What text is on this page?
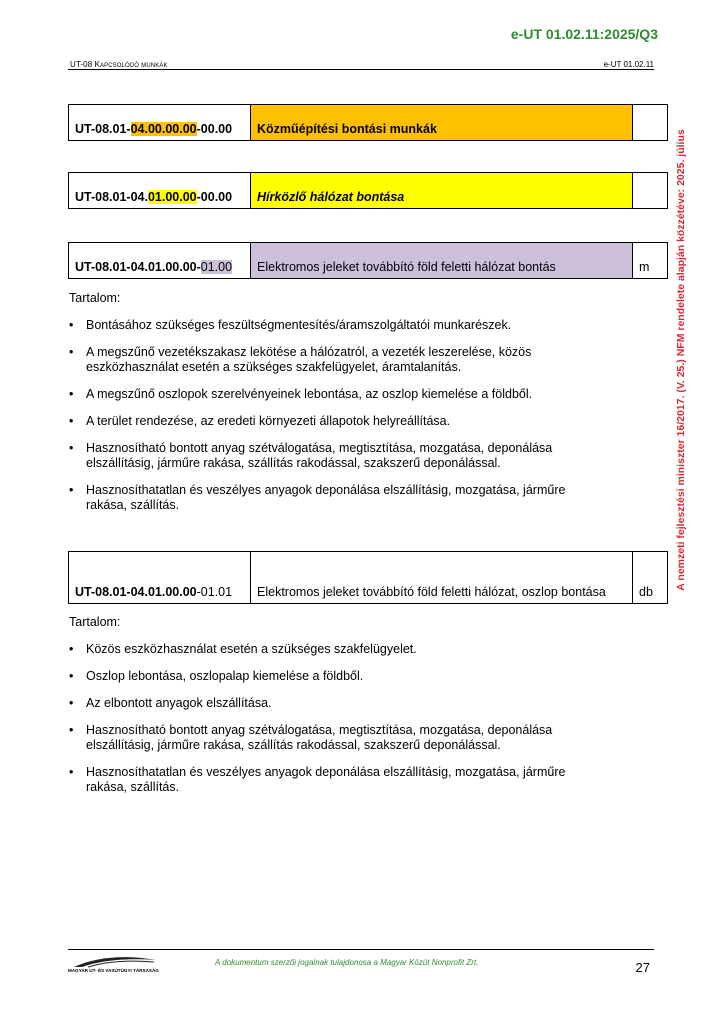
e-UT 01.02.11:2025/Q3
UT-08 Kapcsolódó munkák	e-UT 01.02.11
A nemzeti fejlesztési miniszter 16/2017. (V. 25.) NFM rendelete alapján közzétéve: 2025. július
UT-08.01-04.00.00.00-00.00	Közműépítési bontási munkák	
UT-08.01-04.01.00.00-00.00	Hírközlő hálózat bontása	
UT-08.01-04.01.00.00-01.00	Elektromos jeleket továbbító föld feletti hálózat bontás	m
Tartalom:
• Bontásához szükséges feszültségmentesítés/áramszolgáltatói munkarészek.
• A megszűnő vezetékszakasz lekötése a hálózatról, a vezeték leszerelése, közös eszközhasználat esetén a szükséges szakfelügyelet, áramtalanítás.
• A megszűnő oszlopok szerelvényeinek lebontása, az oszlop kiemelése a földből.
• A terület rendezése, az eredeti környezeti állapotok helyreállítása.
• Hasznosítható bontott anyag szétválogatása, megtisztítása, mozgatása, deponálása elszállításig, járműre rakása, szállítás rakodással, szakszerű deponálással.
• Hasznosíthatatlan és veszélyes anyagok deponálása elszállításig, mozgatása, járműre rakása, szállítás.
UT-08.01-04.01.00.00-01.01	Elektromos jeleket továbbító föld feletti hálózat, oszlop bontása	db
Tartalom:
• Közös eszközhasználat esetén a szükséges szakfelügyelet.
• Oszlop lebontása, oszlopalap kiemelése a földből.
• Az elbontott anyagok elszállítása.
• Hasznosítható bontott anyag szétválogatása, megtisztítása, mozgatása, deponálása elszállításig, járműre rakása, szállítás rakodással, szakszerű deponálással.
• Hasznosíthatatlan és veszélyes anyagok deponálása elszállításig, mozgatása, járműre rakása, szállítás.
MAGYAR ÚT- ÉS VASÚTÜGYI TÁRSASÁG
A dokumentum szerzői jogainak tulajdonosa a Magyar Közút Nonprofit Zrt.	27
